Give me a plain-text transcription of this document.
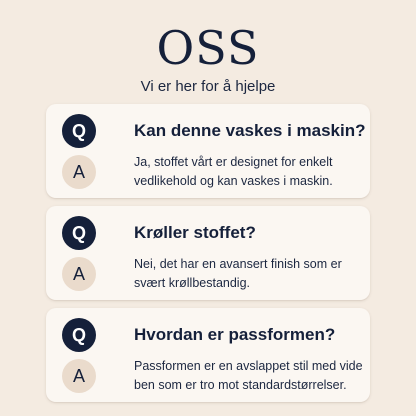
OSS

Vi er her for å hjelpe

Q
A
Kan denne vaskes i maskin?

Ja, stoffet vårt er designet for enkelt vedlikehold og kan vaskes i maskin.

Q
A
Krøller stoffet?

Nei, det har en avansert finish som er svært krøllbestandig.

Q
A
Hvordan er passformen?

Passformen er en avslappet stil med vide ben som er tro mot standardstørrelser.
